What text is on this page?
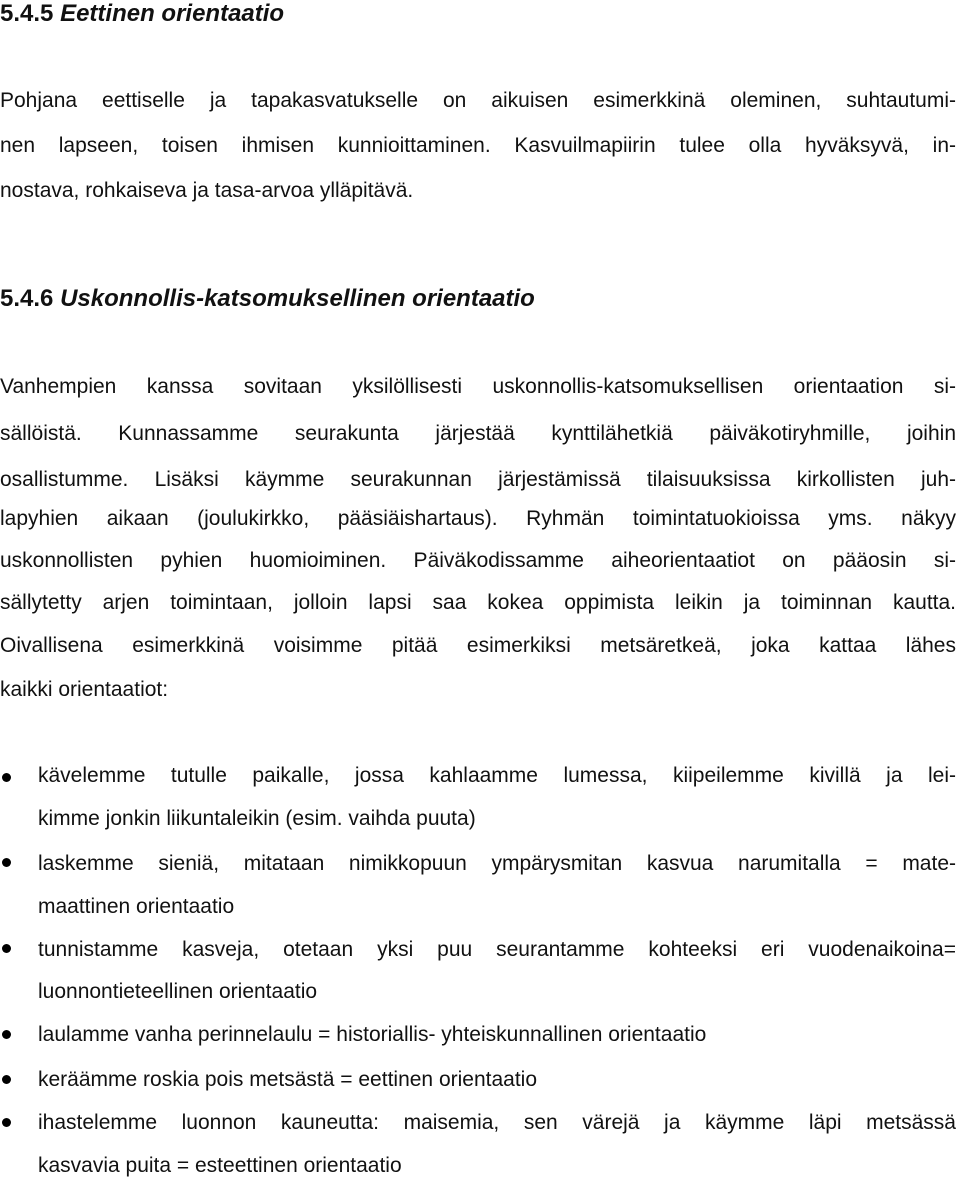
5.4.5 Eettinen orientaatio
Pohjana eettiselle ja tapakasvatukselle on aikuisen esimerkkinä oleminen, suhtautumi-
nen lapseen, toisen ihmisen kunnioittaminen. Kasvuilmapiirin tulee olla hyväksyvä, in-
nostava, rohkaiseva ja tasa-arvoa ylläpitävä.
5.4.6 Uskonnollis-katsomuksellinen orientaatio
Vanhempien kanssa sovitaan yksilöllisesti uskonnollis-katsomuksellisen orientaation si-
sällöistä. Kunnassamme seurakunta järjestää kynttilähetkiä päiväkotiryhmille, joihin
osallistumme. Lisäksi käymme seurakunnan järjestämissä tilaisuuksissa kirkollisten juh-
lapyhien aikaan (joulukirkko, pääsiäishartaus). Ryhmän toimintatuokioissa yms. näkyy
uskonnollisten pyhien huomioiminen. Päiväkodissamme aiheorientaatiot on pääosin si-
sällytetty arjen toimintaan, jolloin lapsi saa kokea oppimista leikin ja toiminnan kautta.
Oivallisena esimerkkinä voisimme pitää esimerkiksi metsäretkeä, joka kattaa lähes
kaikki orientaatiot:
kävelemme tutulle paikalle, jossa kahlaamme lumessa, kiipeilemme kivillä ja lei-
kimme jonkin liikuntaleikin (esim. vaihda puuta)
laskemme sieniä, mitataan nimikkopuun ympärysmitan kasvua narumitalla = mate-
maattinen orientaatio
tunnistamme kasveja, otetaan yksi puu seurantamme kohteeksi eri vuodenaikoina=
luonnontieteellinen orientaatio
laulamme vanha perinnelaulu = historiallis- yhteiskunnallinen orientaatio
keräämme roskia pois metsästä = eettinen orientaatio
ihastelemme luonnon kauneutta: maisemia, sen värejä ja käymme läpi metsässä
kasvavia puita = esteettinen orientaatio
